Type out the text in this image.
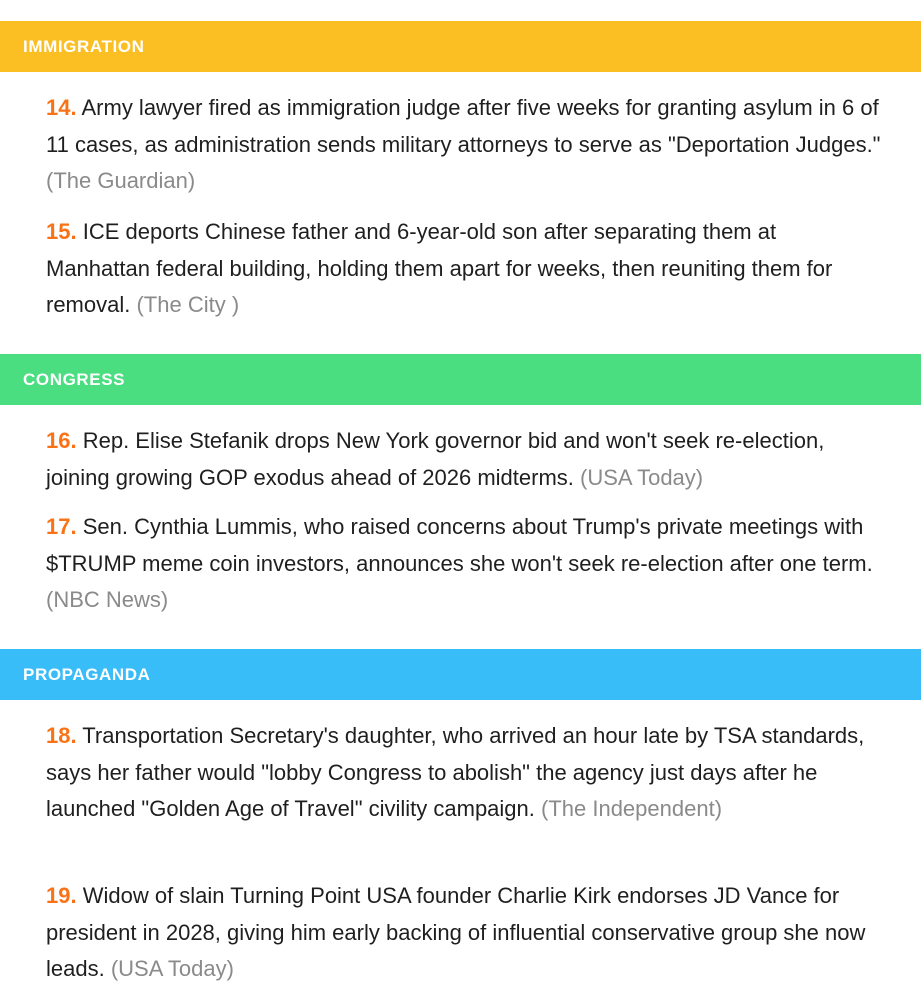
IMMIGRATION

14. Army lawyer fired as immigration judge after five weeks for granting asylum in 6 of 11 cases, as administration sends military attorneys to serve as "Deportation Judges." (The Guardian)

15. ICE deports Chinese father and 6-year-old son after separating them at Manhattan federal building, holding them apart for weeks, then reuniting them for removal. (The City )

CONGRESS

16. Rep. Elise Stefanik drops New York governor bid and won't seek re-election, joining growing GOP exodus ahead of 2026 midterms. (USA Today)

17. Sen. Cynthia Lummis, who raised concerns about Trump's private meetings with $TRUMP meme coin investors, announces she won't seek re-election after one term. (NBC News)

PROPAGANDA

18. Transportation Secretary's daughter, who arrived an hour late by TSA standards, says her father would "lobby Congress to abolish" the agency just days after he launched "Golden Age of Travel" civility campaign. (The Independent)

19. Widow of slain Turning Point USA founder Charlie Kirk endorses JD Vance for president in 2028, giving him early backing of influential conservative group she now leads. (USA Today)
